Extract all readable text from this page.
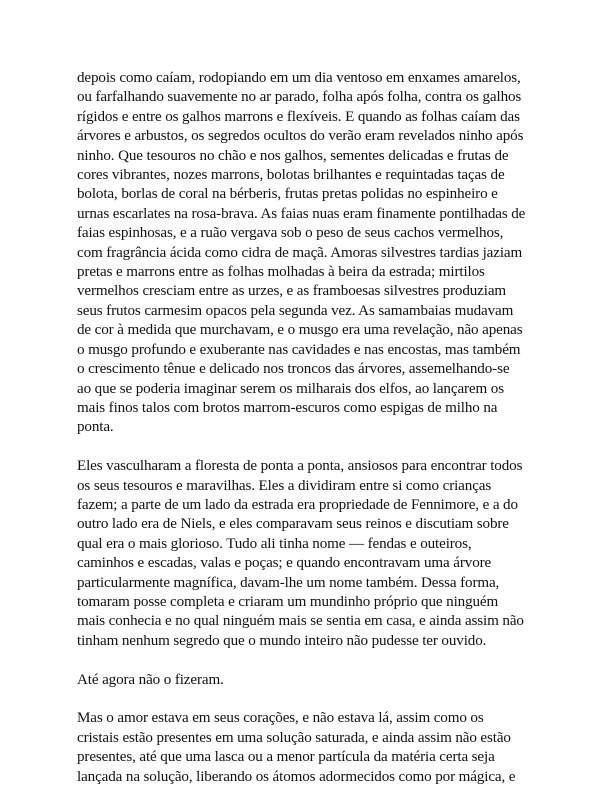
depois como caíam, rodopiando em um dia ventoso em enxames amarelos, ou farfalhando suavemente no ar parado, folha após folha, contra os galhos rígidos e entre os galhos marrons e flexíveis. E quando as folhas caíam das árvores e arbustos, os segredos ocultos do verão eram revelados ninho após ninho. Que tesouros no chão e nos galhos, sementes delicadas e frutas de cores vibrantes, nozes marrons, bolotas brilhantes e requintadas taças de bolota, borlas de coral na bérberis, frutas pretas polidas no espinheiro e urnas escarlates na rosa-brava. As faias nuas eram finamente pontilhadas de faias espinhosas, e a ruão vergava sob o peso de seus cachos vermelhos, com fragrância ácida como cidra de maçã. Amoras silvestres tardias jaziam pretas e marrons entre as folhas molhadas à beira da estrada; mirtilos vermelhos cresciam entre as urzes, e as framboesas silvestres produziam seus frutos carmesim opacos pela segunda vez. As samambaias mudavam de cor à medida que murchavam, e o musgo era uma revelação, não apenas o musgo profundo e exuberante nas cavidades e nas encostas, mas também o crescimento tênue e delicado nos troncos das árvores, assemelhando-se ao que se poderia imaginar serem os milharais dos elfos, ao lançarem os mais finos talos com brotos marrom-escuros como espigas de milho na ponta.

Eles vasculharam a floresta de ponta a ponta, ansiosos para encontrar todos os seus tesouros e maravilhas. Eles a dividiram entre si como crianças fazem; a parte de um lado da estrada era propriedade de Fennimore, e a do outro lado era de Niels, e eles comparavam seus reinos e discutiam sobre qual era o mais glorioso. Tudo ali tinha nome — fendas e outeiros, caminhos e escadas, valas e poças; e quando encontravam uma árvore particularmente magnífica, davam-lhe um nome também. Dessa forma, tomaram posse completa e criaram um mundinho próprio que ninguém mais conhecia e no qual ninguém mais se sentia em casa, e ainda assim não tinham nenhum segredo que o mundo inteiro não pudesse ter ouvido.

Até agora não o fizeram.

Mas o amor estava em seus corações, e não estava lá, assim como os cristais estão presentes em uma solução saturada, e ainda assim não estão presentes, até que uma lasca ou a menor partícula da matéria certa seja lançada na solução, liberando os átomos adormecidos como por mágica, e
